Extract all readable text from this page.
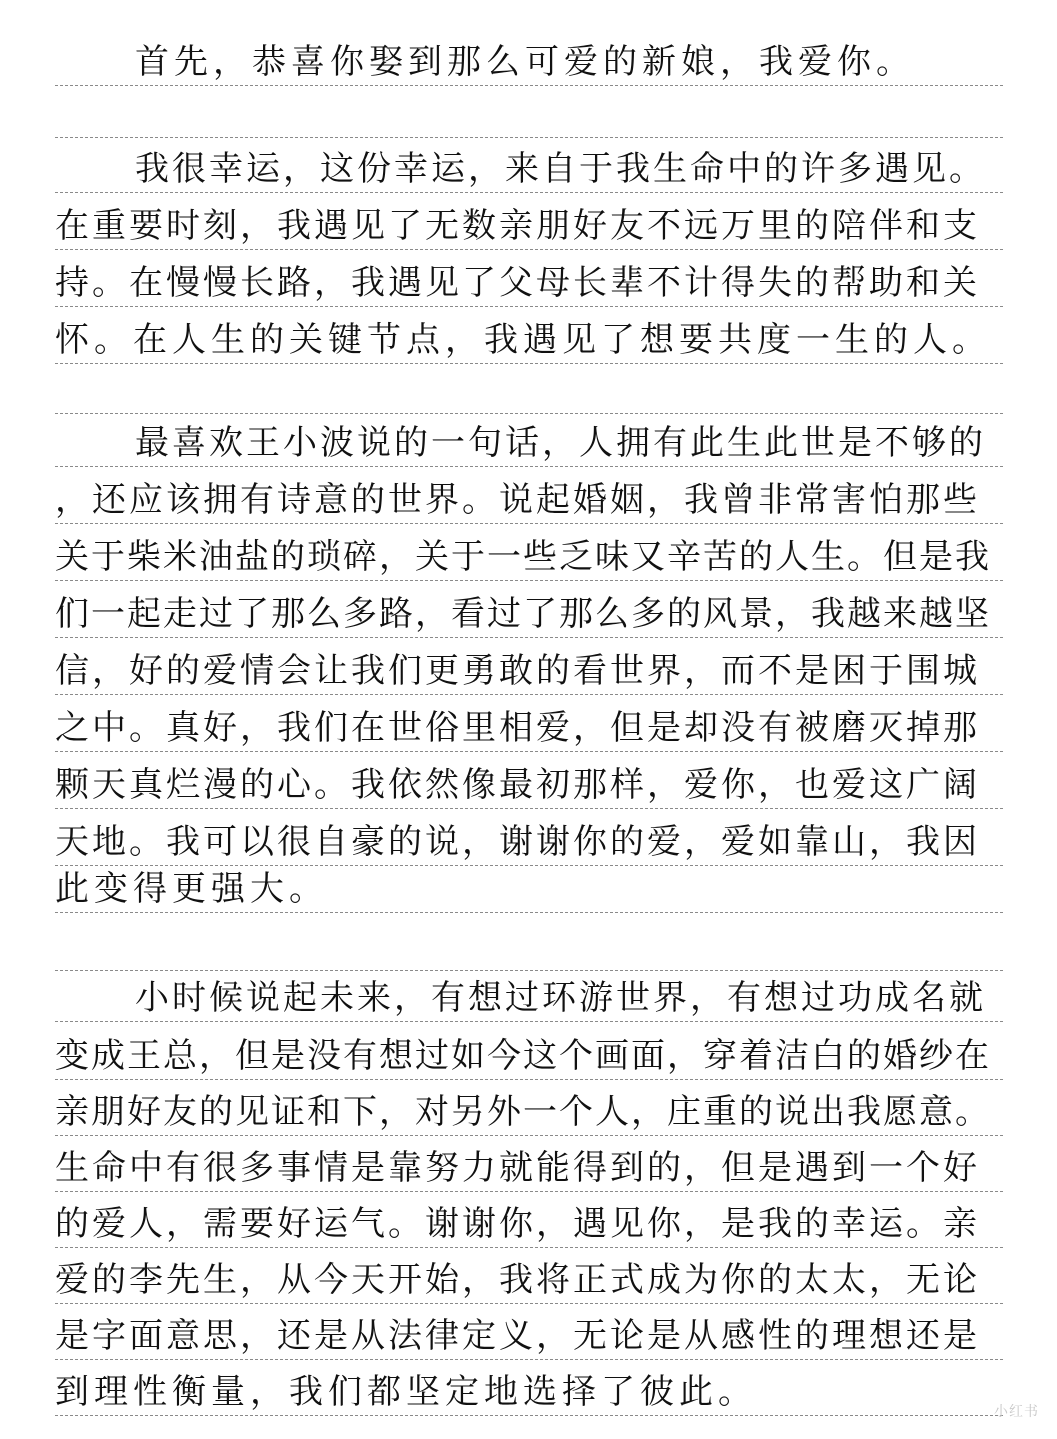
首先，恭喜你娶到那么可爱的新娘，我爱你。
我很幸运，这份幸运，来自于我生命中的许多遇见。
在重要时刻，我遇见了无数亲朋好友不远万里的陪伴和支
持。在慢慢长路，我遇见了父母长辈不计得失的帮助和关
怀。在人生的关键节点，我遇见了想要共度一生的人。
最喜欢王小波说的一句话，人拥有此生此世是不够的
，还应该拥有诗意的世界。说起婚姻，我曾非常害怕那些
关于柴米油盐的琐碎，关于一些乏味又辛苦的人生。但是我
们一起走过了那么多路，看过了那么多的风景，我越来越坚
信，好的爱情会让我们更勇敢的看世界，而不是困于围城
之中。真好，我们在世俗里相爱，但是却没有被磨灭掉那
颗天真烂漫的心。我依然像最初那样，爱你，也爱这广阔
天地。我可以很自豪的说，谢谢你的爱，爱如靠山，我因
此变得更强大。
小时候说起未来，有想过环游世界，有想过功成名就
变成王总，但是没有想过如今这个画面，穿着洁白的婚纱在
亲朋好友的见证和下，对另外一个人，庄重的说出我愿意。
生命中有很多事情是靠努力就能得到的，但是遇到一个好
的爱人，需要好运气。谢谢你，遇见你，是我的幸运。亲
爱的李先生，从今天开始，我将正式成为你的太太，无论
是字面意思，还是从法律定义，无论是从感性的理想还是
到理性衡量，我们都坚定地选择了彼此。	小红书
